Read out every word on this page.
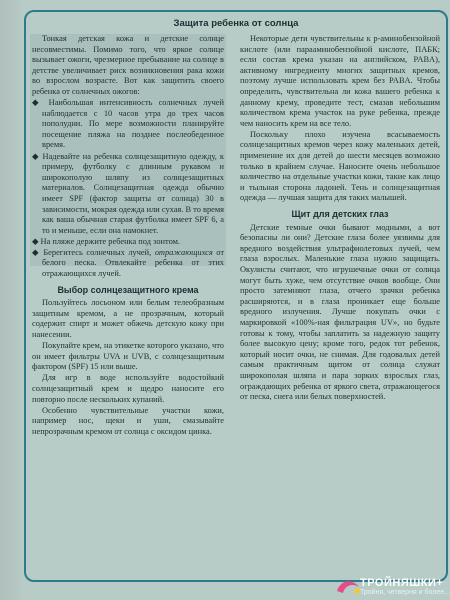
Защита ребенка от солнца

Тонкая детская кожа и детские солнце несовместимы. Помимо того, что яркое солнце вызывает ожоги, чрезмерное пребывание на солнце в детстве увеличивает риск возникновения рака кожи во взрослом возрасте. Вот как защитить своего ребенка от солнечных ожогов:

◆ Наибольшая интенсивность солнечных лучей наблюдается с 10 часов утра до трех часов пополудни. По мере возможности планируйте посещение пляжа на позднее послеобеденное время.

◆ Надевайте на ребенка солнцезащитную одежду, к примеру, футболку с длинным рукавом и широкополую шляпу из солнцезащитных материалов. Солнцезащитная одежда обычно имеет SPF (фактор защиты от солнца) 30 в зависимости, мокрая одежда или сухая. В то время как ваша обычная старая футболка имеет SPF 6, а то и меньше, если она намокнет.

◆ На пляже держите ребенка под зонтом.

◆ Берегитесь солнечных лучей, отражающихся от белого песка. Отвлекайте ребенка от этих отражающихся лучей.

Выбор солнцезащитного крема

Пользуйтесь лосьоном или белым телеобразным защитным кремом, а не прозрачным, который содержит спирт и может обжечь детскую кожу при нанесении.

Покупайте крем, на этикетке которого указано, что он имеет фильтры UVA и UVB, с солнцезащитным фактором (SPF) 15 или выше.

Для игр в воде используйте водостойкий солнцезащитный крем и щедро наносите его повторно после нескольких купаний.

Особенно чувствительные участки кожи, например нос, щеки и уши, смазывайте непрозрачным кремом от солнца с оксидом цинка.

Некоторые дети чувствительны к р-аминобензойной кислоте (или парааминобензойной кислоте, ПАБК; если состав крема указан на английском, PABA), активному ингредиенту многих защитных кремов, поэтому лучше использовать крем без PABA. Чтобы определить, чувствительна ли кожа вашего ребенка к данному крему, проведите тест, смазав небольшим количеством крема участок на руке ребенка, прежде чем наносить крем на все тело.

Поскольку плохо изучена всасываемость солнцезащитных кремов через кожу маленьких детей, применение их для детей до шести месяцев возможно только в крайнем случае. Наносите очень небольшое количество на отдельные участки кожи, такие как лицо и тыльная сторона ладоней. Тень и солнцезащитная одежда — лучшая защита для таких малышей.

Щит для детских глаз

Детские темные очки бывают модными, а вот безопасны ли они? Детские глаза более уязвимы для вредного воздействия ультрафиолетовых лучей, чем глаза взрослых. Маленькие глаза нужно защищать. Окулисты считают, что игрушечные очки от солнца могут быть хуже, чем отсутствие очков вообще. Они просто затемняют глаза, отчего зрачки ребенка расширяются, и в глаза проникает еще больше вредного излучения. Лучше покупать очки с маркировкой «100%-ная фильтрация UV», но будьте готовы к тому, чтобы заплатить за надежную защиту более высокую цену; кроме того, редок тот ребенок, который носит очки, не снимая. Для годовалых детей самым практичным щитом от солнца служат широкополая шляпа и пара зорких взрослых глаз, ограждающих ребенка от яркого света, отражающегося от песка, снега или белых поверхностей.

ТРОЙНЯШКИ+
Тройня, четверня и более...
